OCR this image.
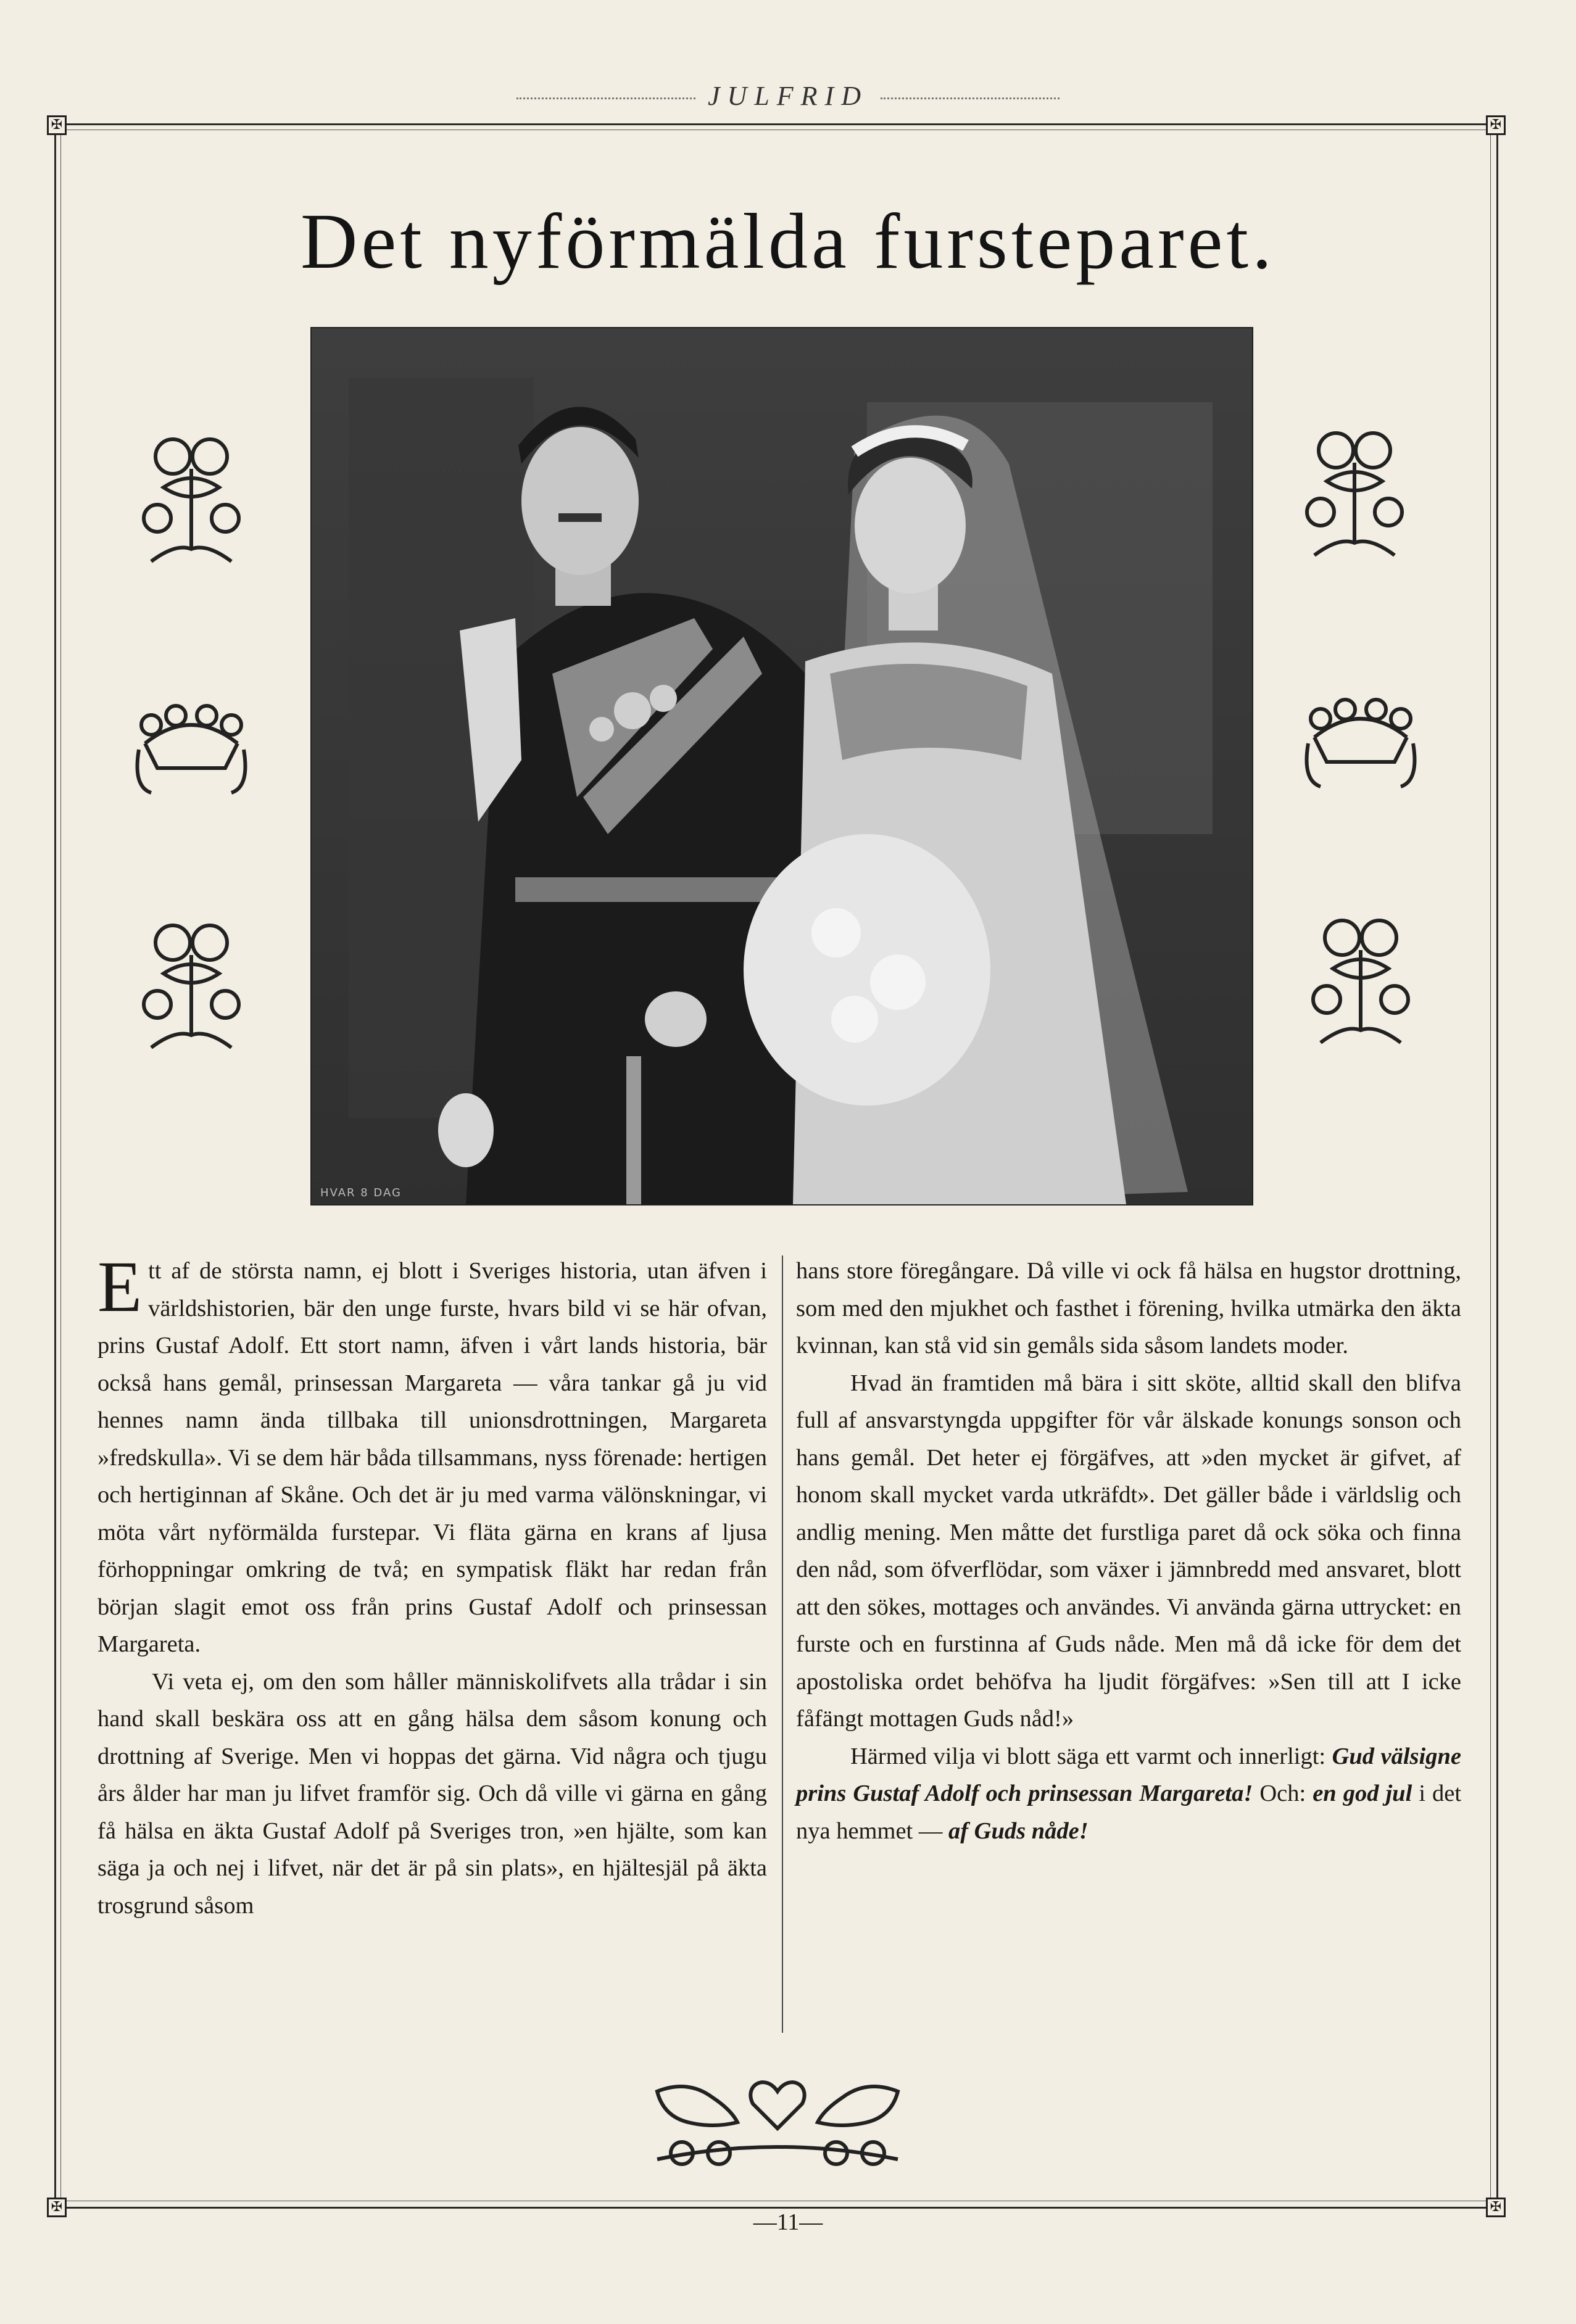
JULFRID
✠	✠
✠	✠
Det nyförmälda fursteparet.
HVAR 8 DAG

Ett af de största namn, ej blott i Sveriges historia, utan äfven i världshistorien, bär den unge furste, hvars bild vi se här ofvan, prins Gustaf Adolf. Ett stort namn, äfven i vårt lands historia, bär också hans gemål, prinsessan Margareta — våra tankar gå ju vid hennes namn ända tillbaka till unionsdrottningen, Margareta »fredskulla». Vi se dem här båda tillsammans, nyss förenade: hertigen och hertiginnan af Skåne. Och det är ju med varma välönskningar, vi möta vårt nyförmälda furstepar. Vi fläta gärna en krans af ljusa förhoppningar omkring de två; en sympatisk fläkt har redan från början slagit emot oss från prins Gustaf Adolf och prinsessan Margareta.

Vi veta ej, om den som håller människolifvets alla trådar i sin hand skall beskära oss att en gång hälsa dem såsom konung och drottning af Sverige. Men vi hoppas det gärna. Vid några och tjugu års ålder har man ju lifvet framför sig. Och då ville vi gärna en gång få hälsa en äkta Gustaf Adolf på Sveriges tron, »en hjälte, som kan säga ja och nej i lifvet, när det är på sin plats», en hjältesjäl på äkta trosgrund såsom

hans store föregångare. Då ville vi ock få hälsa en hugstor drottning, som med den mjukhet och fasthet i förening, hvilka utmärka den äkta kvinnan, kan stå vid sin gemåls sida såsom landets moder.

Hvad än framtiden må bära i sitt sköte, alltid skall den blifva full af ansvarstyngda uppgifter för vår älskade konungs sonson och hans gemål. Det heter ej förgäfves, att »den mycket är gifvet, af honom skall mycket varda utkräfdt». Det gäller både i världslig och andlig mening. Men måtte det furstliga paret då ock söka och finna den nåd, som öfverflödar, som växer i jämnbredd med ansvaret, blott att den sökes, mottages och användes. Vi använda gärna uttrycket: en furste och en furstinna af Guds nåde. Men må då icke för dem det apostoliska ordet behöfva ha ljudit förgäfves: »Sen till att I icke fåfängt mottagen Guds nåd!»

Härmed vilja vi blott säga ett varmt och innerligt: Gud välsigne prins Gustaf Adolf och prinsessan Margareta! Och: en god jul i det nya hemmet — af Guds nåde!

—11—
